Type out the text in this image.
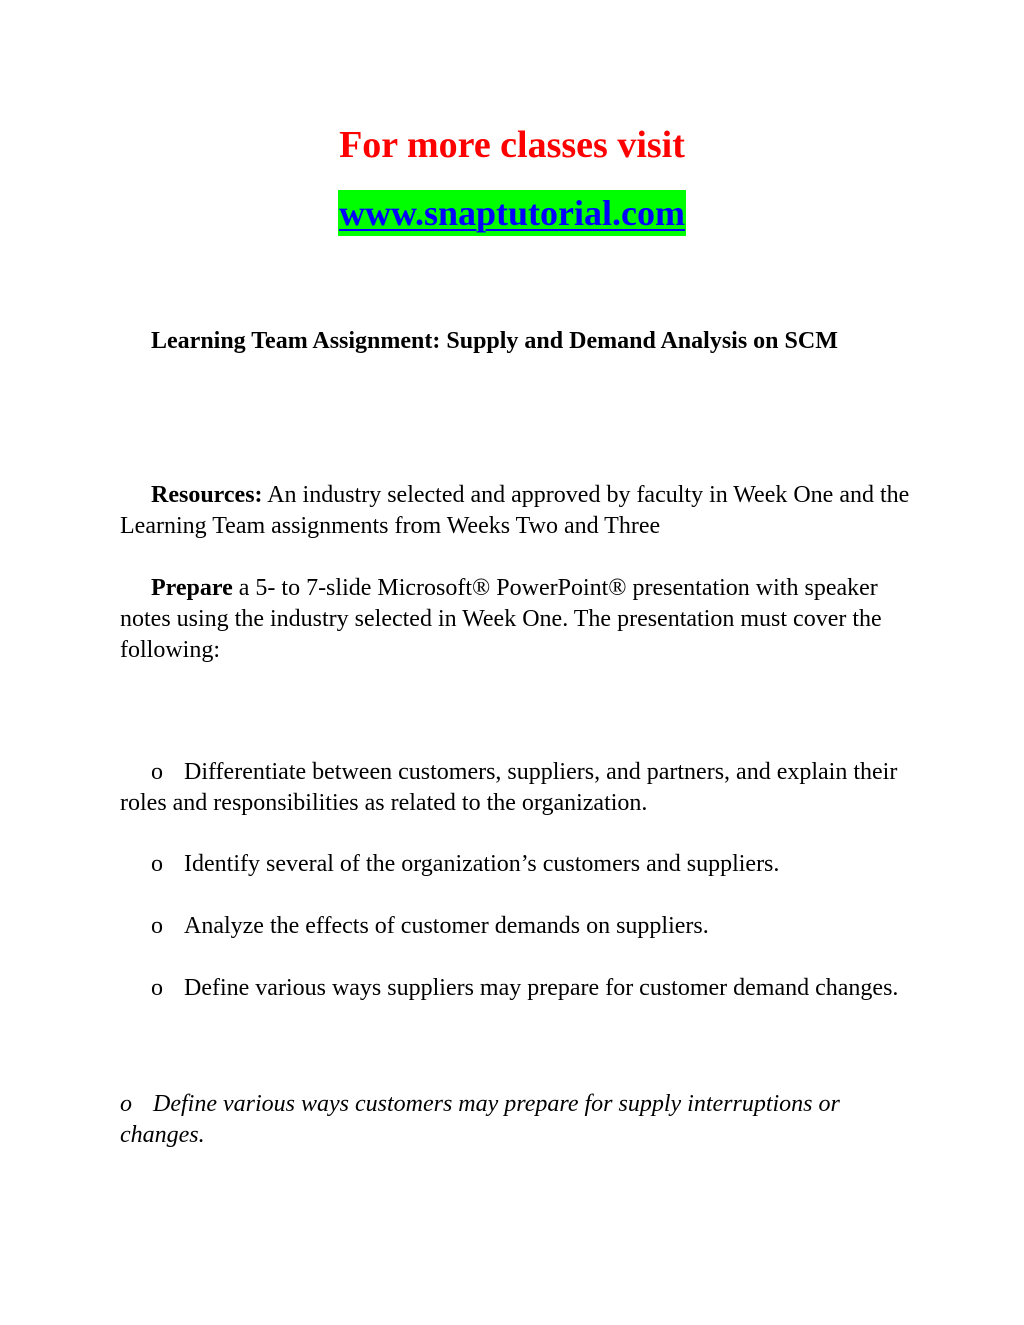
For more classes visit
www.snaptutorial.com
Learning Team Assignment: Supply and Demand Analysis on SCM
Resources: An industry selected and approved by faculty in Week One and the Learning Team assignments from Weeks Two and Three
Prepare a 5- to 7-slide Microsoft® PowerPoint® presentation with speaker notes using the industry selected in Week One. The presentation must cover the following:
o Differentiate between customers, suppliers, and partners, and explain their roles and responsibilities as related to the organization.
o Identify several of the organization’s customers and suppliers.
o Analyze the effects of customer demands on suppliers.
o Define various ways suppliers may prepare for customer demand changes.
o Define various ways customers may prepare for supply interruptions or changes.
